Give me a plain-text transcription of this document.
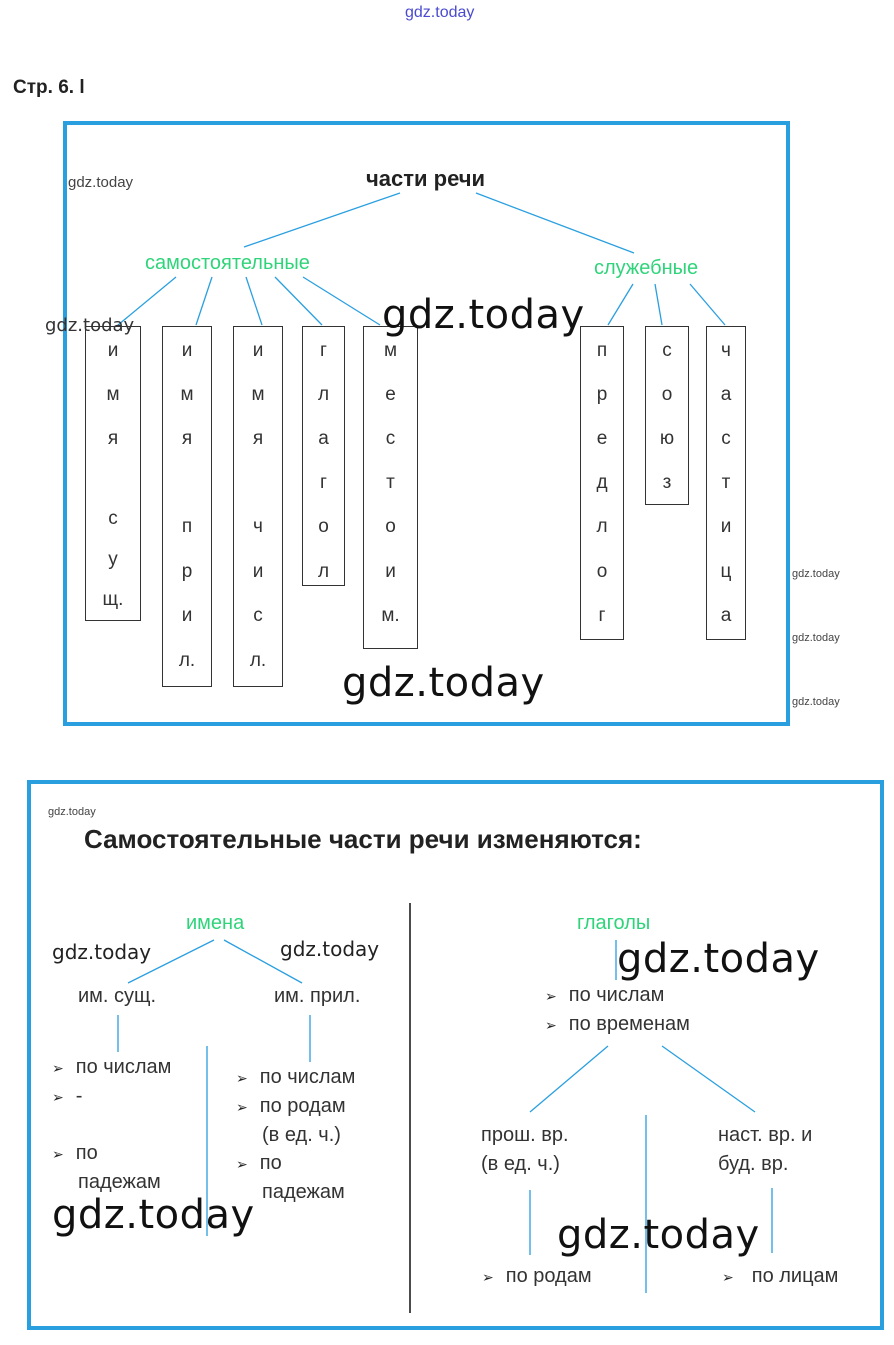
gdz.today
Стр. 6. l
части речи
самостоятельные	служебные
и
м
я
с
у
щ.
и
м
я
п
р
и
л.
и
м
я
ч
и
с
л.
г
л
а
г
о
л
м
е
с
т
о
и
м.
п
р
е
д
л
о
г
с
о
ю
з
ч
а
с
т
и
ц
а
gdz.today
gdz.today	gdz.today
gdz.today
gdz.today
gdz.today
gdz.today
gdz.today
Самостоятельные части речи изменяются:
имена
gdz.today	gdz.today
им. сущ.	им. прил.
➢ по числам
➢ -
➢ по
падежам
➢ по числам
➢ по родам
(в ед. ч.)
➢ по
падежам
gdz.today
глаголы
gdz.today
➢ по числам
➢ по временам
прош. вр.
(в ед. ч.)
наст. вр. и
буд. вр.
gdz.today
➢ по родам	➢ по лицам
